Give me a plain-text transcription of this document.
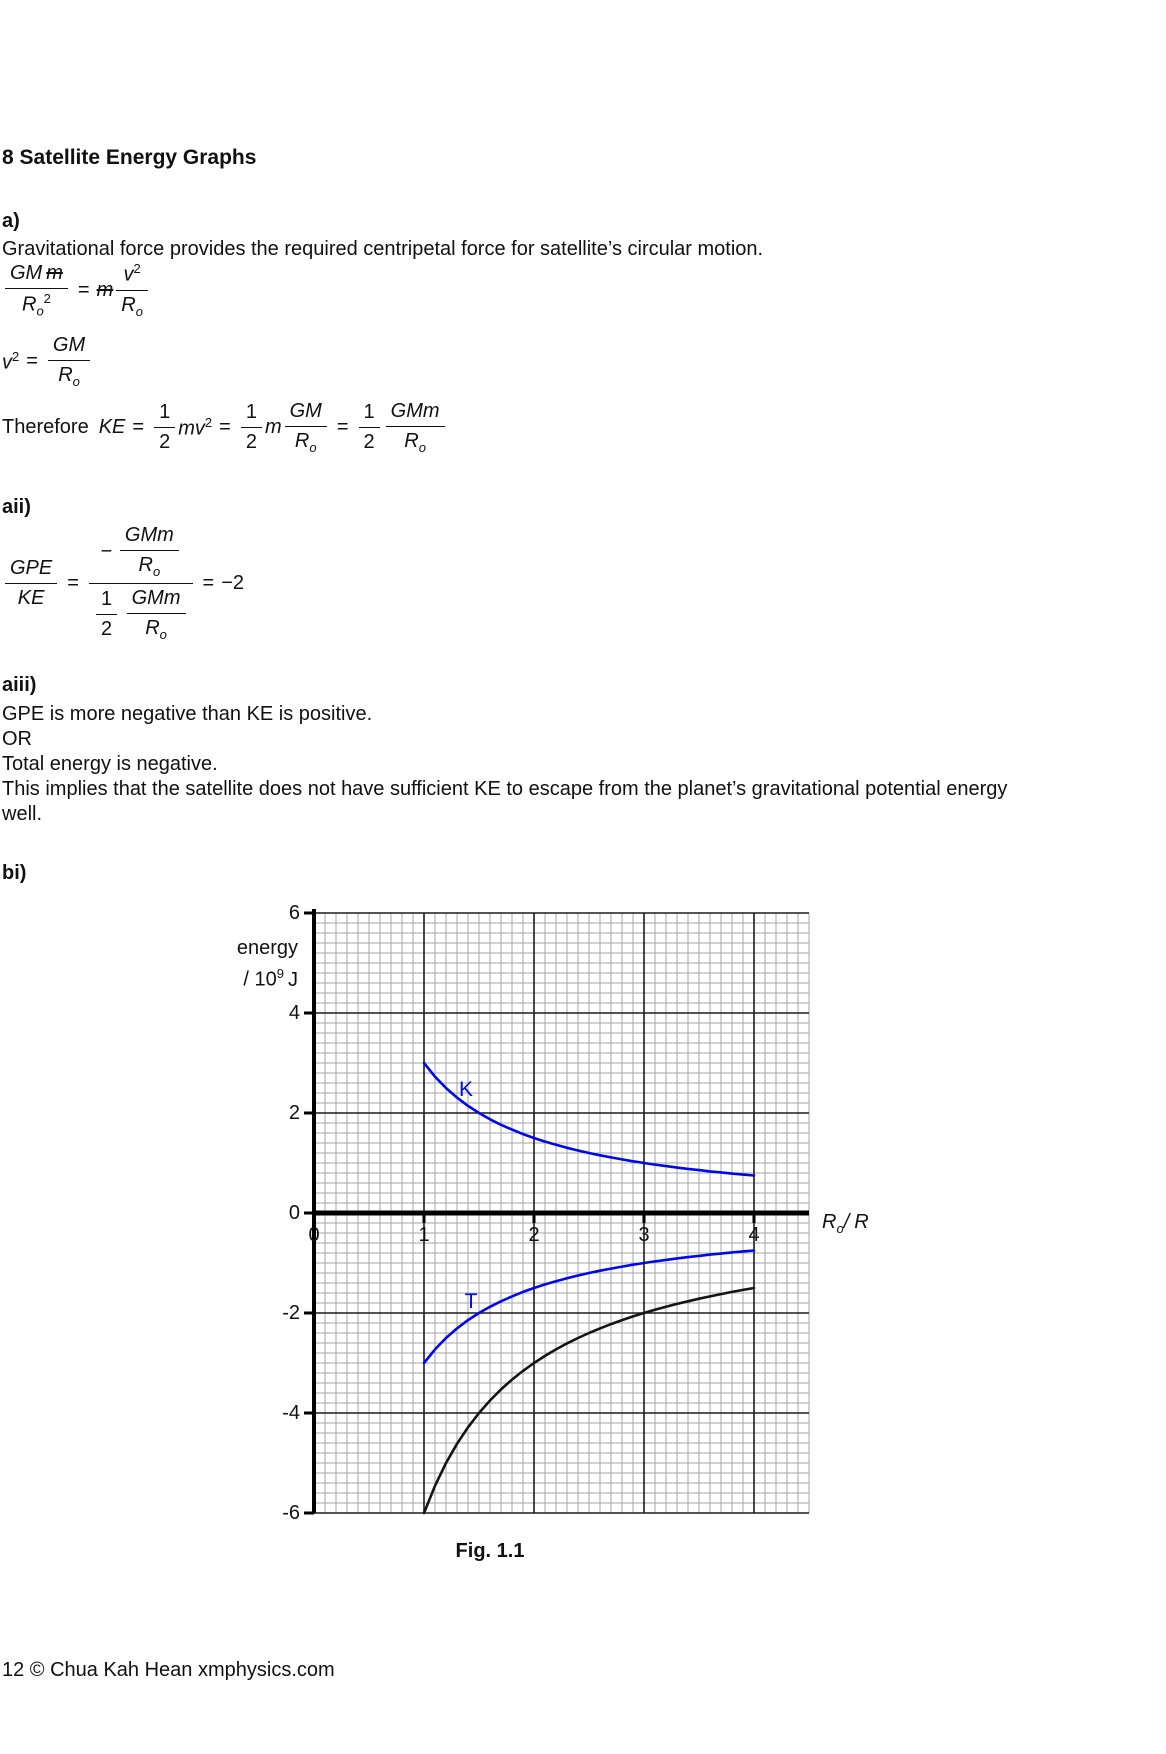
8 Satellite Energy Graphs
a)
Gravitational force provides the required centripetal force for satellite’s circular motion.
$\frac{\text{GM m}}{R_o^2} = m \frac{v^2}{R_o}$
$v^2 = \frac{GM}{R_o}$
Therefore KE = $\frac{1}{2} mv^2 = \frac{1}{2}$ m $\frac{GM}{R_o} = \frac{1}{2} \frac{\text{GMm}}{R_o}$
aii)
$\frac{\text{GPE}}{KE}$ = − $\frac{\text{GMm}}{R_o}$
$\frac{1}{2}$
$\frac{\text{GMm}}{R_o} = -2$
aiii)
GPE is more negative than KE is positive.
OR
Total energy is negative.
This implies that the satellite does not have sufficient KE to escape from the planet’s gravitational potential energy well.
bi)
energy
/ $10^9$ J
$R_o/$ R
K
T
Fig. 1.1
12 © Chua Kah Hean xmphysics.com
6
4
2
0
-2
-4
-6
0	1	2	3	4
